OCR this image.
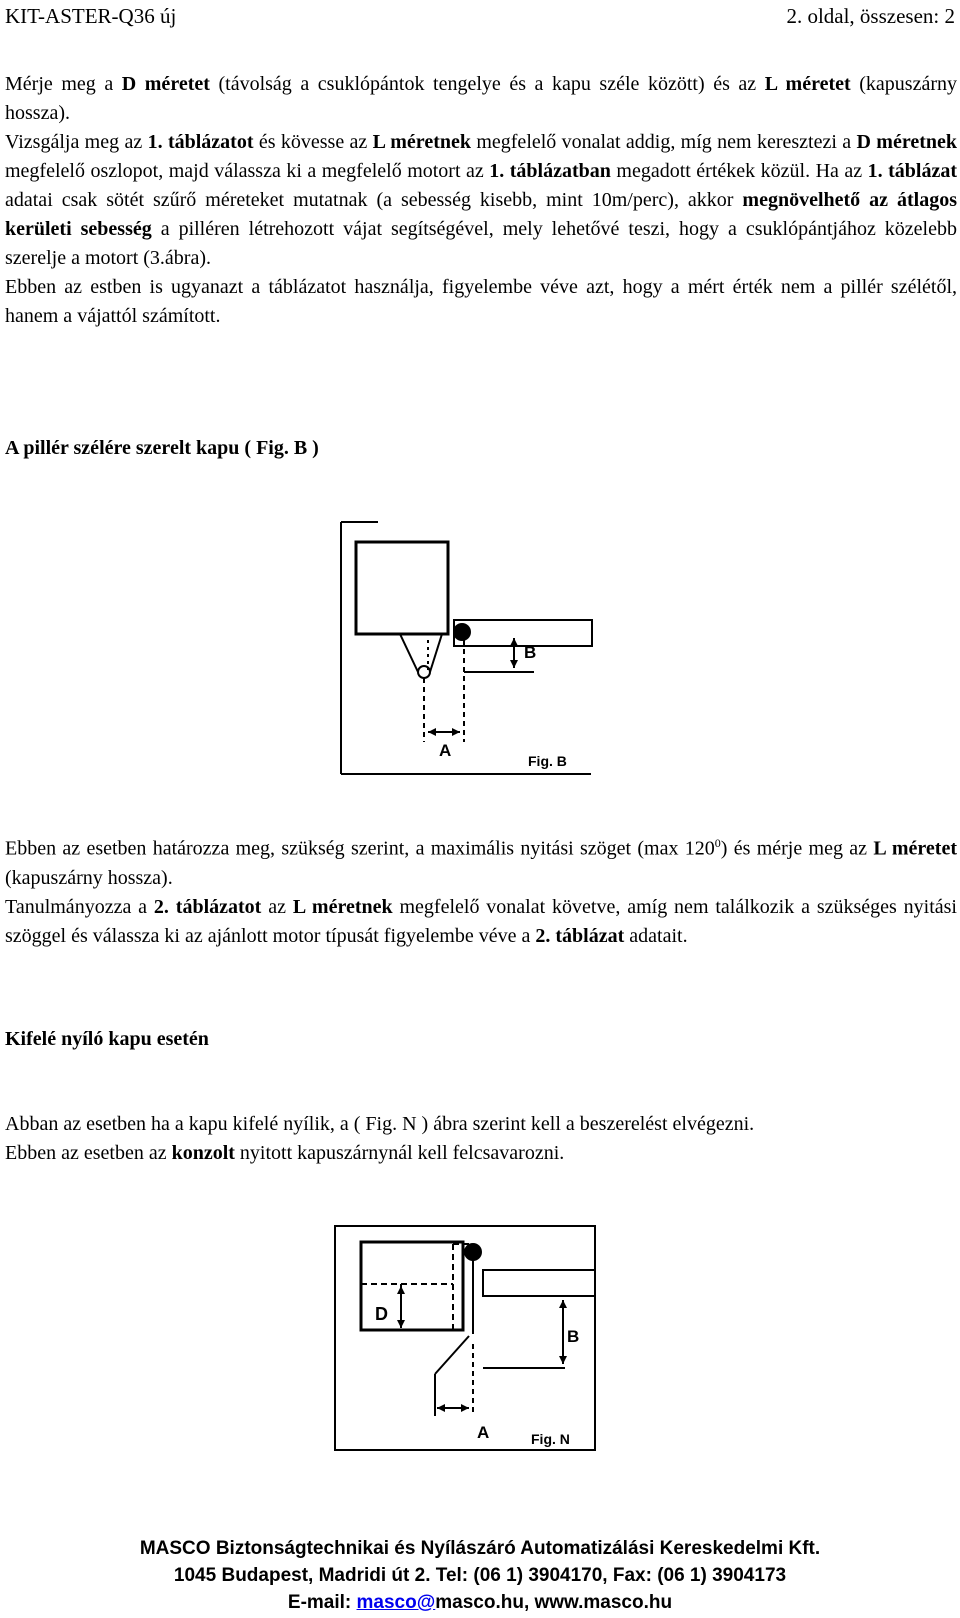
KIT-ASTER-Q36 új	2. oldal, összesen: 2

Mérje meg a D méretet (távolság a csuklópántok tengelye és a kapu széle között) és az L méretet (kapuszárny hossza).
Vizsgálja meg az 1. táblázatot és kövesse az L méretnek megfelelő vonalat addig, míg nem keresztezi a D méretnek megfelelő oszlopot, majd válassza ki a megfelelő motort az 1. táblázatban megadott értékek közül. Ha az 1. táblázat adatai csak sötét szűrő méreteket mutatnak (a sebesség kisebb, mint 10m/perc), akkor megnövelhető az átlagos kerületi sebesség a pilléren létrehozott vájat segítségével, mely lehetővé teszi, hogy a csuklópántjához közelebb szerelje a motort (3.ábra).
Ebben az estben is ugyanazt a táblázatot használja, figyelembe véve azt, hogy a mért érték nem a pillér szélétől, hanem a vájattól számított.

A pillér szélére szerelt kapu ( Fig. B )
B
A
Fig. B

Ebben az esetben határozza meg, szükség szerint, a maximális nyitási szöget (max $120^0$) és mérje meg az L méretet (kapuszárny hossza).
Tanulmányozza a 2. táblázatot az L méretnek megfelelő vonalat követve, amíg nem találkozik a szükséges nyitási szöggel és válassza ki az ajánlott motor típusát figyelembe véve a 2. táblázat adatait.

Kifelé nyíló kapu esetén

Abban az esetben ha a kapu kifelé nyílik, a ( Fig. N ) ábra szerint kell a beszerelést elvégezni.
Ebben az esetben az konzolt nyitott kapuszárnynál kell felcsavarozni.

D
B
A	Fig. N
MASCO Biztonságtechnikai és Nyílászáró Automatizálási Kereskedelmi Kft.
1045 Budapest, Madridi út 2. Tel: (06 1) 3904170, Fax: (06 1) 3904173
E-mail: masco@masco.hu, www.masco.hu
